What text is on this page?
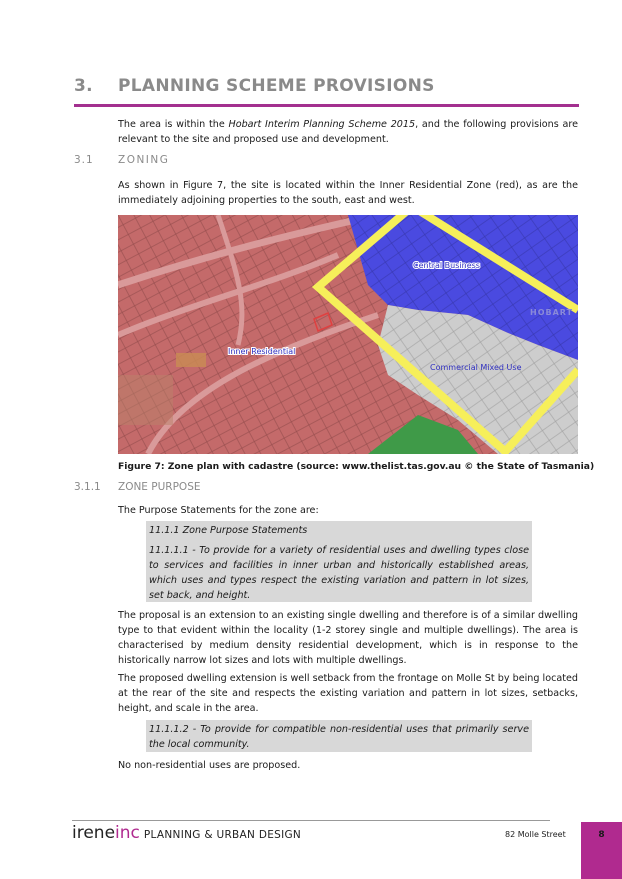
3. PLANNING SCHEME PROVISIONS
The area is within the Hobart Interim Planning Scheme 2015, and the following provisions are relevant to the site and proposed use and development.
3.1 ZONING
As shown in Figure 7, the site is located within the Inner Residential Zone (red), as are the immediately adjoining properties to the south, east and west.
Inner Residential
Central Business
Commercial Mixed Use
HOBART
Figure 7: Zone plan with cadastre (source: www.thelist.tas.gov.au © the State of Tasmania)
3.1.1 ZONE PURPOSE
The Purpose Statements for the zone are:
11.1.1 Zone Purpose Statements
11.1.1.1 - To provide for a variety of residential uses and dwelling types close to services and facilities in inner urban and historically established areas, which uses and types respect the existing variation and pattern in lot sizes, set back, and height.
The proposal is an extension to an existing single dwelling and therefore is of a similar dwelling type to that evident within the locality (1-2 storey single and multiple dwellings). The area is characterised by medium density residential development, which is in response to the historically narrow lot sizes and lots with multiple dwellings.
The proposed dwelling extension is well setback from the frontage on Molle St by being located at the rear of the site and respects the existing variation and pattern in lot sizes, setbacks, height, and scale in the area.
11.1.1.2 - To provide for compatible non-residential uses that primarily serve the local community.
No non-residential uses are proposed.
ireneinc PLANNING & URBAN DESIGN	82 Molle Street	8
